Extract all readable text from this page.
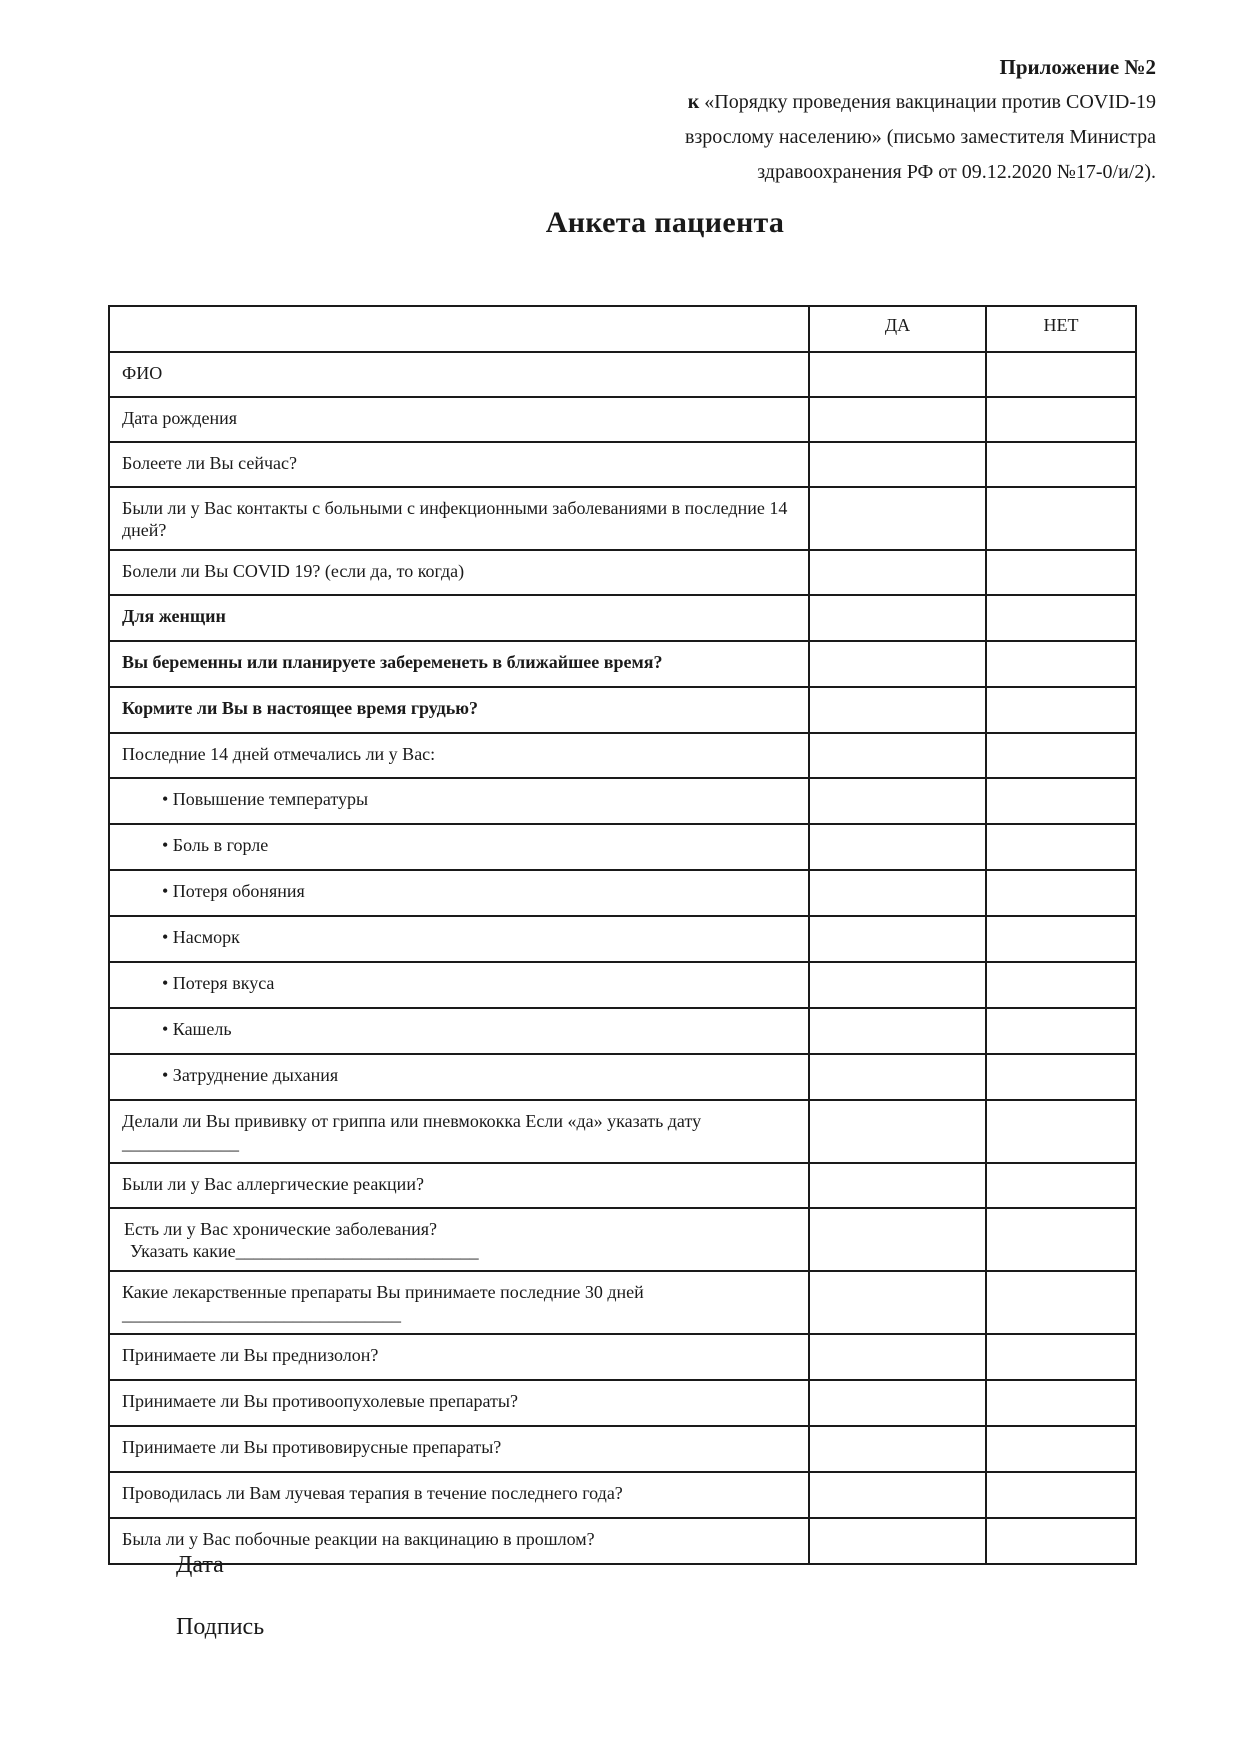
Приложение №2
к «Порядку проведения вакцинации против COVID-19
взрослому населению» (письмо заместителя Министра
здравоохранения РФ от 09.12.2020 №17-0/и/2).
Анкета пациента
	ДА	НЕТ
ФИО		
Дата рождения		
Болеете ли Вы сейчас?		
Были ли у Вас контакты с больными с инфекционными заболеваниями в последние 14 дней?		
Болели ли Вы COVID 19? (если да, то когда)		
Для женщин		
Вы беременны или планируете забеременеть в ближайшее время?		
Кормите ли Вы в настоящее время грудью?		
Последние 14 дней отмечались ли у Вас:		
• Повышение температуры		
• Боль в горле		
• Потеря обоняния		
• Насморк		
• Потеря вкуса		
• Кашель		
• Затруднение дыхания		

Делали ли Вы прививку от гриппа или пневмококка Если «да» указать дату
_____________		

Были ли у Вас аллергические реакции?		

Есть ли у Вас хронические заболевания?
Указать какие___________________________		

Какие лекарственные препараты Вы принимаете последние 30 дней
_______________________________		

Принимаете ли Вы преднизолон?		
Принимаете ли Вы противоопухолевые препараты?		
Принимаете ли Вы противовирусные препараты?		
Проводилась ли Вам лучевая терапия в течение последнего года?		
Была ли у Вас побочные реакции на вакцинацию в прошлом?		
Дата
Подпись
